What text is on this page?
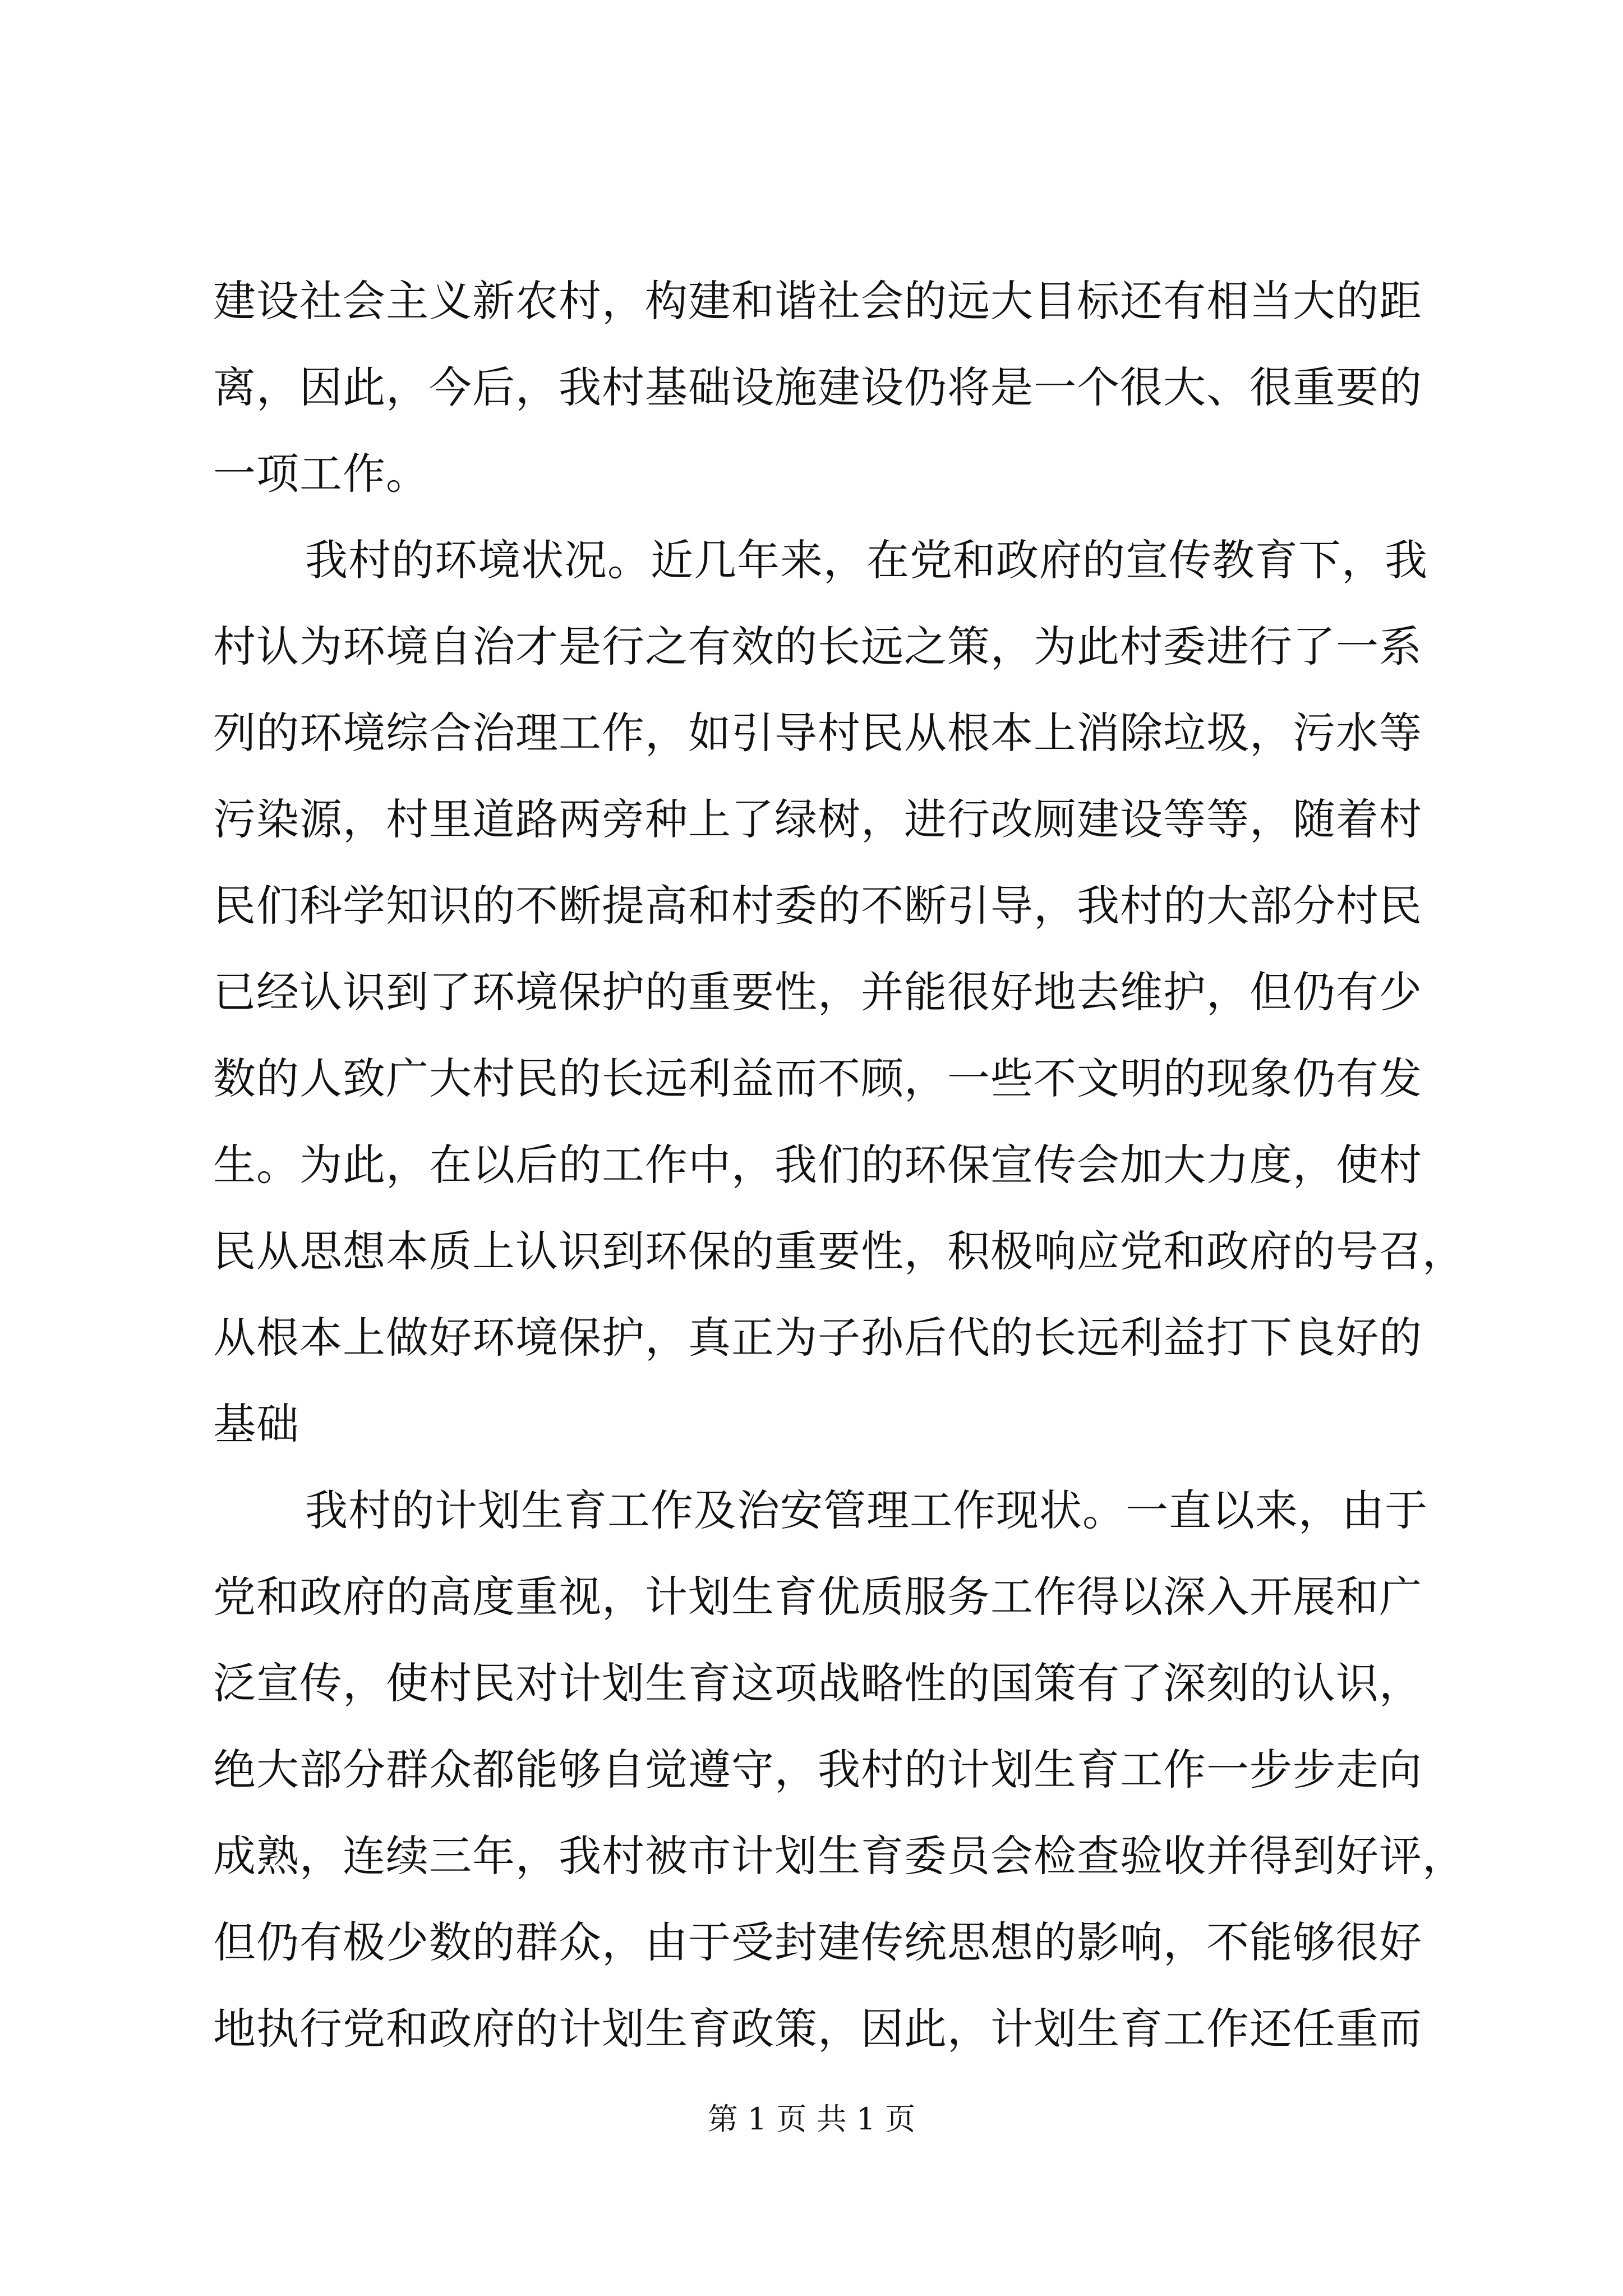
建设社会主义新农村，构建和谐社会的远大目标还有相当大的距
离，因此，今后，我村基础设施建设仍将是一个很大、很重要的
一项工作。
我村的环境状况。近几年来，在党和政府的宣传教育下，我
村认为环境自治才是行之有效的长远之策，为此村委进行了一系
列的环境综合治理工作，如引导村民从根本上消除垃圾，污水等
污染源，村里道路两旁种上了绿树，进行改厕建设等等，随着村
民们科学知识的不断提高和村委的不断引导，我村的大部分村民
已经认识到了环境保护的重要性，并能很好地去维护，但仍有少
数的人致广大村民的长远利益而不顾，一些不文明的现象仍有发
生。为此，在以后的工作中，我们的环保宣传会加大力度，使村
民从思想本质上认识到环保的重要性，积极响应党和政府的号召，
从根本上做好环境保护，真正为子孙后代的长远利益打下良好的
基础
我村的计划生育工作及治安管理工作现状。一直以来，由于
党和政府的高度重视，计划生育优质服务工作得以深入开展和广
泛宣传，使村民对计划生育这项战略性的国策有了深刻的认识，
绝大部分群众都能够自觉遵守，我村的计划生育工作一步步走向
成熟，连续三年，我村被市计划生育委员会检查验收并得到好评，
但仍有极少数的群众，由于受封建传统思想的影响，不能够很好
地执行党和政府的计划生育政策，因此，计划生育工作还任重而
第 1 页 共 1 页
